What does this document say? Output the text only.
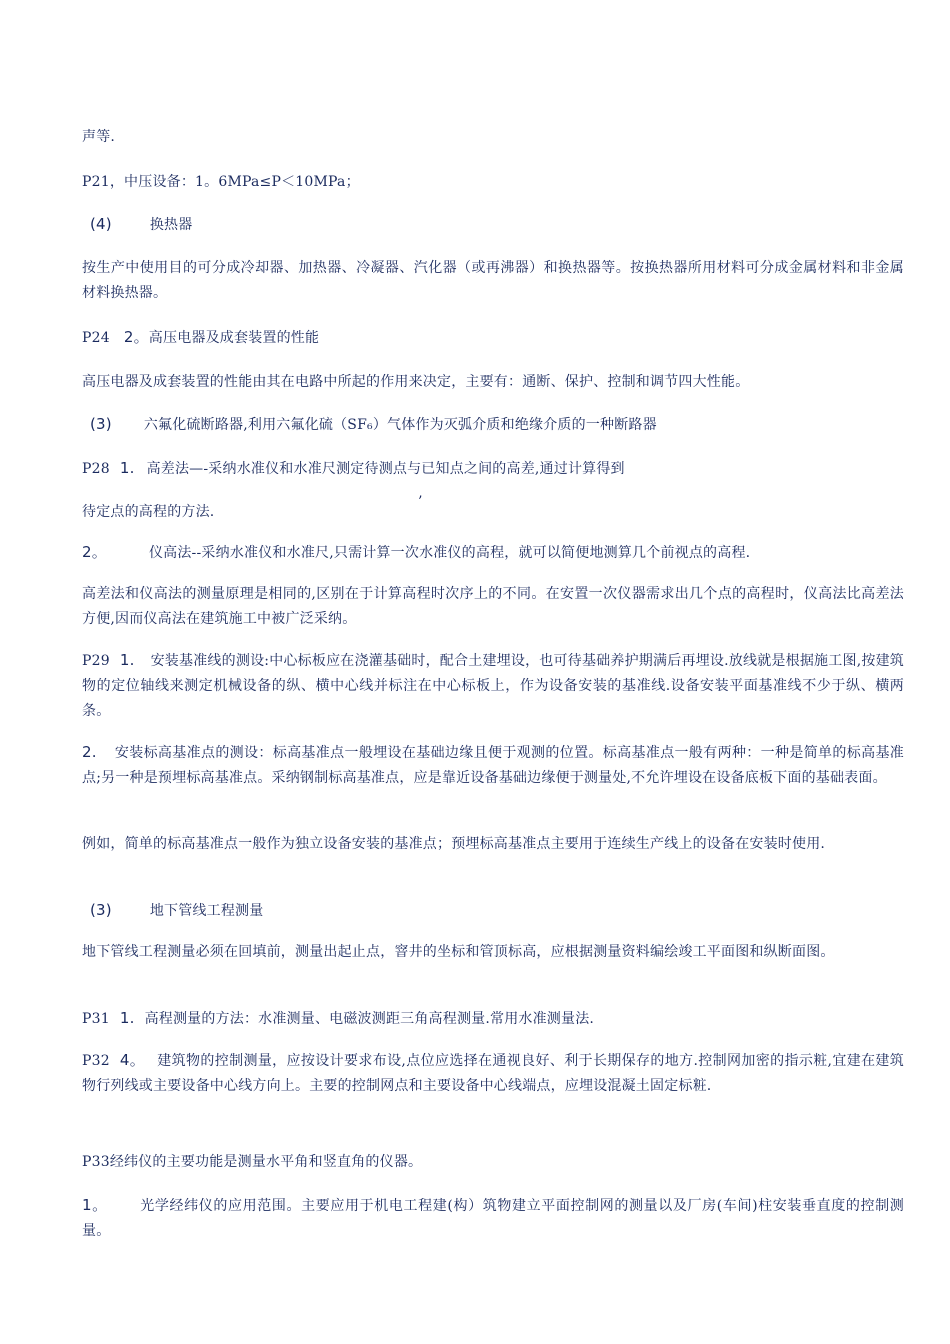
声等.

P21，中压设备：1。6MPa≤P＜10MPa；

(4)	换热器

按生产中使用目的可分成冷却器、加热器、冷凝器、汽化器（或再沸器）和换热器等。按换热器所用材料可分成金属材料和非金属材料换热器。

P24 2。高压电器及成套装置的性能

高压电器及成套装置的性能由其在电路中所起的作用来决定，主要有：通断、保护、控制和调节四大性能。

(3) 六氟化硫断路器,利用六氟化硫（SF₆）气体作为灭弧介质和绝缘介质的一种断路器

P28 1. 高差法—-采纳水准仪和水准尺测定待测点与已知点之间的高差,通过计算得到

待定点的高程的方法.

’

2。	仪高法--采纳水准仪和水准尺,只需计算一次水准仪的高程，就可以简便地测算几个前视点的高程.

高差法和仪高法的测量原理是相同的,区别在于计算高程时次序上的不同。在安置一次仪器需求出几个点的高程时，仪高法比高差法方便,因而仪高法在建筑施工中被广泛采纳。

P29 1. 安装基准线的测设:中心标板应在浇灌基础时，配合土建埋设，也可待基础养护期满后再埋设.放线就是根据施工图,按建筑物的定位轴线来测定机械设备的纵、横中心线并标注在中心标板上，作为设备安装的基准线.设备安装平面基准线不少于纵、横两条。

2. 安装标高基准点的测设：标高基准点一般埋设在基础边缘且便于观测的位置。标高基准点一般有两种：一种是简单的标高基准点;另一种是预埋标高基准点。采纳钢制标高基准点，应是靠近设备基础边缘便于测量处,不允许埋设在设备底板下面的基础表面。

例如，简单的标高基准点一般作为独立设备安装的基准点；预埋标高基准点主要用于连续生产线上的设备在安装时使用.

(3)	地下管线工程测量

地下管线工程测量必须在回填前，测量出起止点，窨井的坐标和管顶标高，应根据测量资料编绘竣工平面图和纵断面图。

P31 1. 高程测量的方法：水准测量、电磁波测距三角高程测量.常用水准测量法.

P32 4。 建筑物的控制测量，应按设计要求布设,点位应选择在通视良好、利于长期保存的地方.控制网加密的指示粧,宜建在建筑物行列线或主要设备中心线方向上。主要的控制网点和主要设备中心线端点，应埋设混凝土固定标粧.

P33经纬仪的主要功能是测量水平角和竖直角的仪器。

1。 光学经纬仪的应用范围。主要应用于机电工程建(构）筑物建立平面控制网的测量以及厂房(车间)柱安装垂直度的控制测量。
